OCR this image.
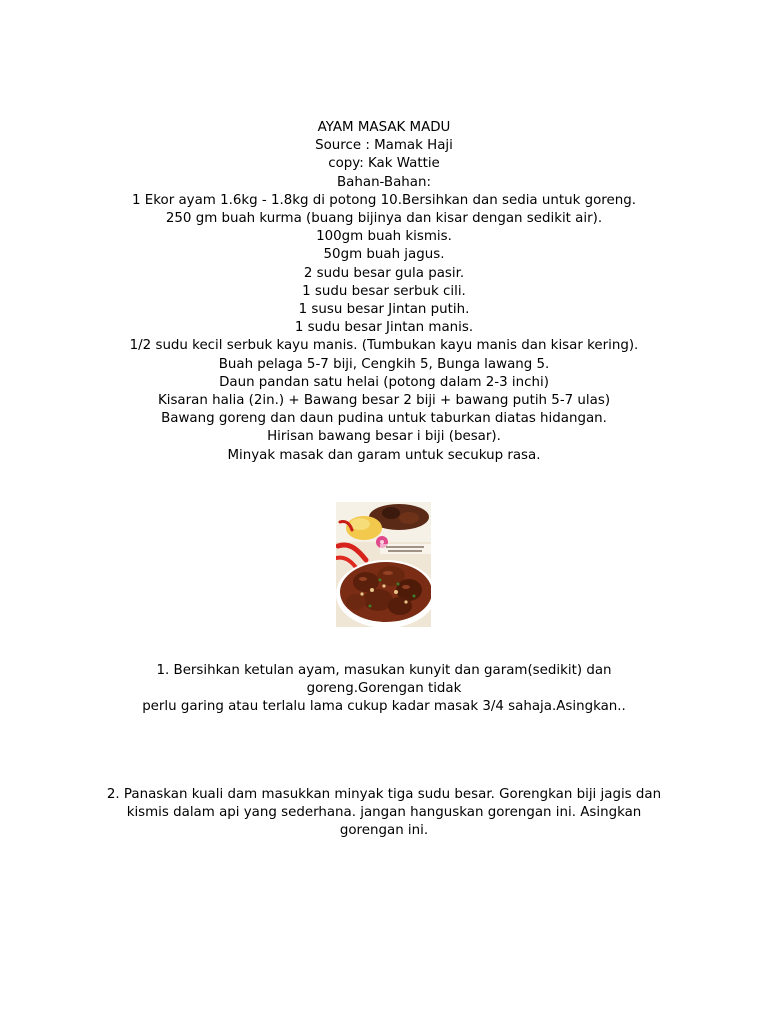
AYAM MASAK MADU
Source : Mamak Haji
copy: Kak Wattie
Bahan-Bahan:
1 Ekor ayam 1.6kg - 1.8kg di potong 10.Bersihkan dan sedia untuk goreng.
250 gm buah kurma (buang bijinya dan kisar dengan sedikit air).
100gm buah kismis.
50gm buah jagus.
2 sudu besar gula pasir.
1 sudu besar serbuk cili.
1 susu besar Jintan putih.
1 sudu besar Jintan manis.
1/2 sudu kecil serbuk kayu manis. (Tumbukan kayu manis dan kisar kering).
Buah pelaga 5-7 biji, Cengkih 5, Bunga lawang 5.
Daun pandan satu helai (potong dalam 2-3 inchi)
Kisaran halia (2in.) + Bawang besar 2 biji + bawang putih 5-7 ulas)
Bawang goreng dan daun pudina untuk taburkan diatas hidangan.
Hirisan bawang besar i biji (besar).
Minyak masak dan garam untuk secukup rasa.
1. Bersihkan ketulan ayam, masukan kunyit dan garam(sedikit) dan
goreng.Gorengan tidak
perlu garing atau terlalu lama cukup kadar masak 3/4 sahaja.Asingkan..
2. Panaskan kuali dam masukkan minyak tiga sudu besar. Gorengkan biji jagis dan
kismis dalam api yang sederhana. jangan hanguskan gorengan ini. Asingkan
gorengan ini.
